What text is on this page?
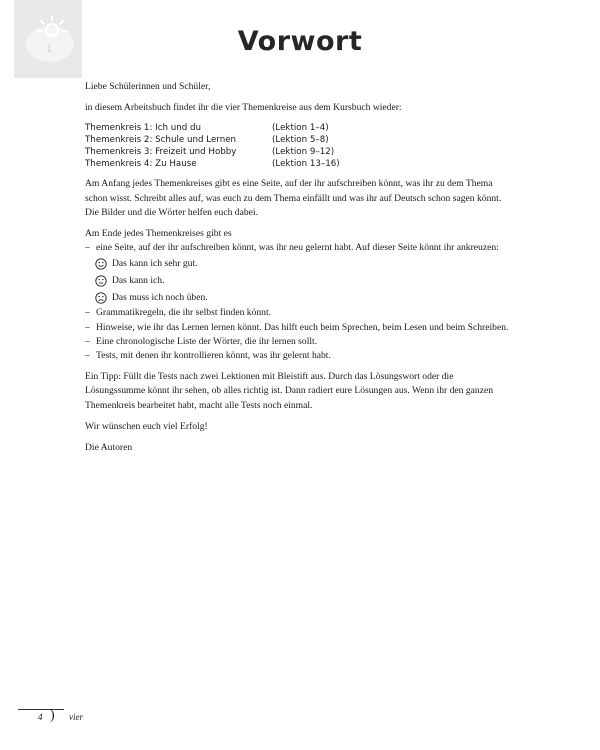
1	Vorwort

Liebe Schülerinnen und Schüler,

in diesem Arbeitsbuch findet ihr die vier Themenkreise aus dem Kursbuch wieder:

Themenkreis 1: Ich und du	(Lektion 1–4)
Themenkreis 2: Schule und Lernen	(Lektion 5–8)
Themenkreis 3: Freizeit und Hobby	(Lektion 9–12)
Themenkreis 4: Zu Hause	(Lektion 13–16)

Am Anfang jedes Themenkreises gibt es eine Seite, auf der ihr aufschreiben könnt, was ihr zu dem Thema schon wisst. Schreibt alles auf, was euch zu dem Thema einfällt und was ihr auf Deutsch schon sagen könnt. Die Bilder und die Wörter helfen euch dabei.

Am Ende jedes Themenkreises gibt es

– eine Seite, auf der ihr aufschreiben könnt, was ihr neu gelernt habt. Auf dieser Seite könnt ihr ankreuzen:
Das kann ich sehr gut.
Das kann ich.
Das muss ich noch üben.
– Grammatikregeln, die ihr selbst finden könnt.
– Hinweise, wie ihr das Lernen lernen könnt. Das hilft euch beim Sprechen, beim Lesen und beim Schreiben.
– Eine chronologische Liste der Wörter, die ihr lernen sollt.
– Tests, mit denen ihr kontrollieren könnt, was ihr gelernt habt.

Ein Tipp: Füllt die Tests nach zwei Lektionen mit Bleistift aus. Durch das Lösungswort oder die Lösungssumme könnt ihr sehen, ob alles richtig ist. Dann radiert eure Lösungen aus. Wenn ihr den ganzen Themenkreis bearbeitet habt, macht alle Tests noch einmal.

Wir wünschen euch viel Erfolg!

Die Autoren

4 ) vier
